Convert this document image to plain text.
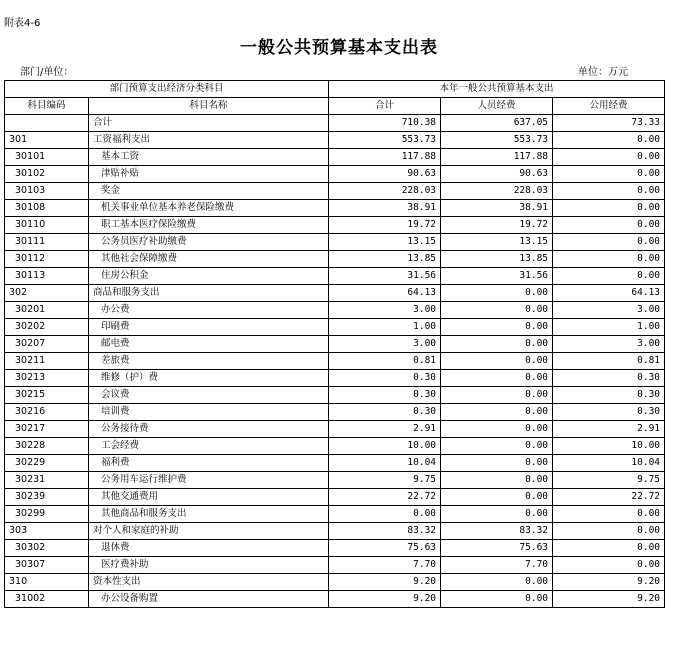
附表4-6
一般公共预算基本支出表
部门/单位：	单位：万元
部门预算支出经济分类科目		本年一般公共预算基本支出		
科目编码	科目名称	合计	人员经费	公用经费
	合计	710.38	637.05	73.33
301	工资福利支出	553.73	553.73	0.00
30101	基本工资	117.88	117.88	0.00
30102	津贴补贴	90.63	90.63	0.00
30103	奖金	228.03	228.03	0.00
30108	机关事业单位基本养老保险缴费	38.91	38.91	0.00
30110	职工基本医疗保险缴费	19.72	19.72	0.00
30111	公务员医疗补助缴费	13.15	13.15	0.00
30112	其他社会保障缴费	13.85	13.85	0.00
30113	住房公积金	31.56	31.56	0.00
302	商品和服务支出	64.13	0.00	64.13
30201	办公费	3.00	0.00	3.00
30202	印刷费	1.00	0.00	1.00
30207	邮电费	3.00	0.00	3.00
30211	差旅费	0.81	0.00	0.81
30213	维修（护）费	0.30	0.00	0.30
30215	会议费	0.30	0.00	0.30
30216	培训费	0.30	0.00	0.30
30217	公务接待费	2.91	0.00	2.91
30228	工会经费	10.00	0.00	10.00
30229	福利费	10.04	0.00	10.04
30231	公务用车运行维护费	9.75	0.00	9.75
30239	其他交通费用	22.72	0.00	22.72
30299	其他商品和服务支出	0.00	0.00	0.00
303	对个人和家庭的补助	83.32	83.32	0.00
30302	退休费	75.63	75.63	0.00
30307	医疗费补助	7.70	7.70	0.00
310	资本性支出	9.20	0.00	9.20
31002	办公设备购置	9.20	0.00	9.20
